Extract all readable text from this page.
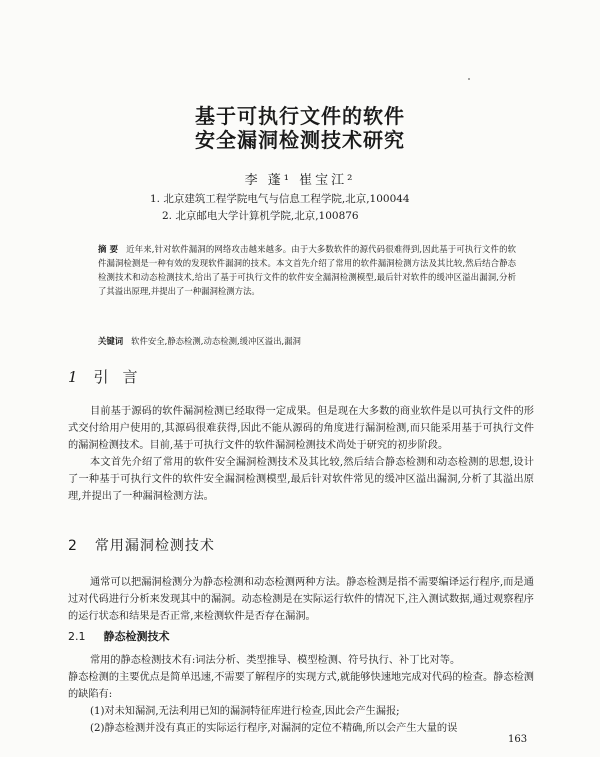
基于可执行文件的软件
安全漏洞检测技术研究
李 蓬¹ 崔宝江²
1. 北京建筑工程学院电气与信息工程学院,北京,100044
2. 北京邮电大学计算机学院,北京,100876
摘 要 近年来,针对软件漏洞的网络攻击越来越多。由于大多数软件的源代码很难得到,因此基于可执行文件的软件漏洞检测是一种有效的发现软件漏洞的技术。本文首先介绍了常用的软件漏洞检测方法及其比较,然后结合静态检测技术和动态检测技术,给出了基于可执行文件的软件安全漏洞检测模型,最后针对软件的缓冲区溢出漏洞,分析了其溢出原理,并提出了一种漏洞检测方法。
关键词 软件安全,静态检测,动态检测,缓冲区溢出,漏洞
1 引言

目前基于源码的软件漏洞检测已经取得一定成果。但是现在大多数的商业软件是以可执行文件的形式交付给用户使用的,其源码很难获得,因此不能从源码的角度进行漏洞检测,而只能采用基于可执行文件的漏洞检测技术。目前,基于可执行文件的软件漏洞检测技术尚处于研究的初步阶段。

本文首先介绍了常用的软件安全漏洞检测技术及其比较,然后结合静态检测和动态检测的思想,设计了一种基于可执行文件的软件安全漏洞检测模型,最后针对软件常见的缓冲区溢出漏洞,分析了其溢出原理,并提出了一种漏洞检测方法。

2 常用漏洞检测技术

通常可以把漏洞检测分为静态检测和动态检测两种方法。静态检测是指不需要编译运行程序,而是通过对代码进行分析来发现其中的漏洞。动态检测是在实际运行软件的情况下,注入测试数据,通过观察程序的运行状态和结果是否正常,来检测软件是否存在漏洞。

2.1 静态检测技术

常用的静态检测技术有:词法分析、类型推导、模型检测、符号执行、补丁比对等。

静态检测的主要优点是简单迅速,不需要了解程序的实现方式,就能够快速地完成对代码的检查。静态检测的缺陷有:

(1)对未知漏洞,无法利用已知的漏洞特征库进行检查,因此会产生漏报;

(2)静态检测并没有真正的实际运行程序,对漏洞的定位不精确,所以会产生大量的误

163
